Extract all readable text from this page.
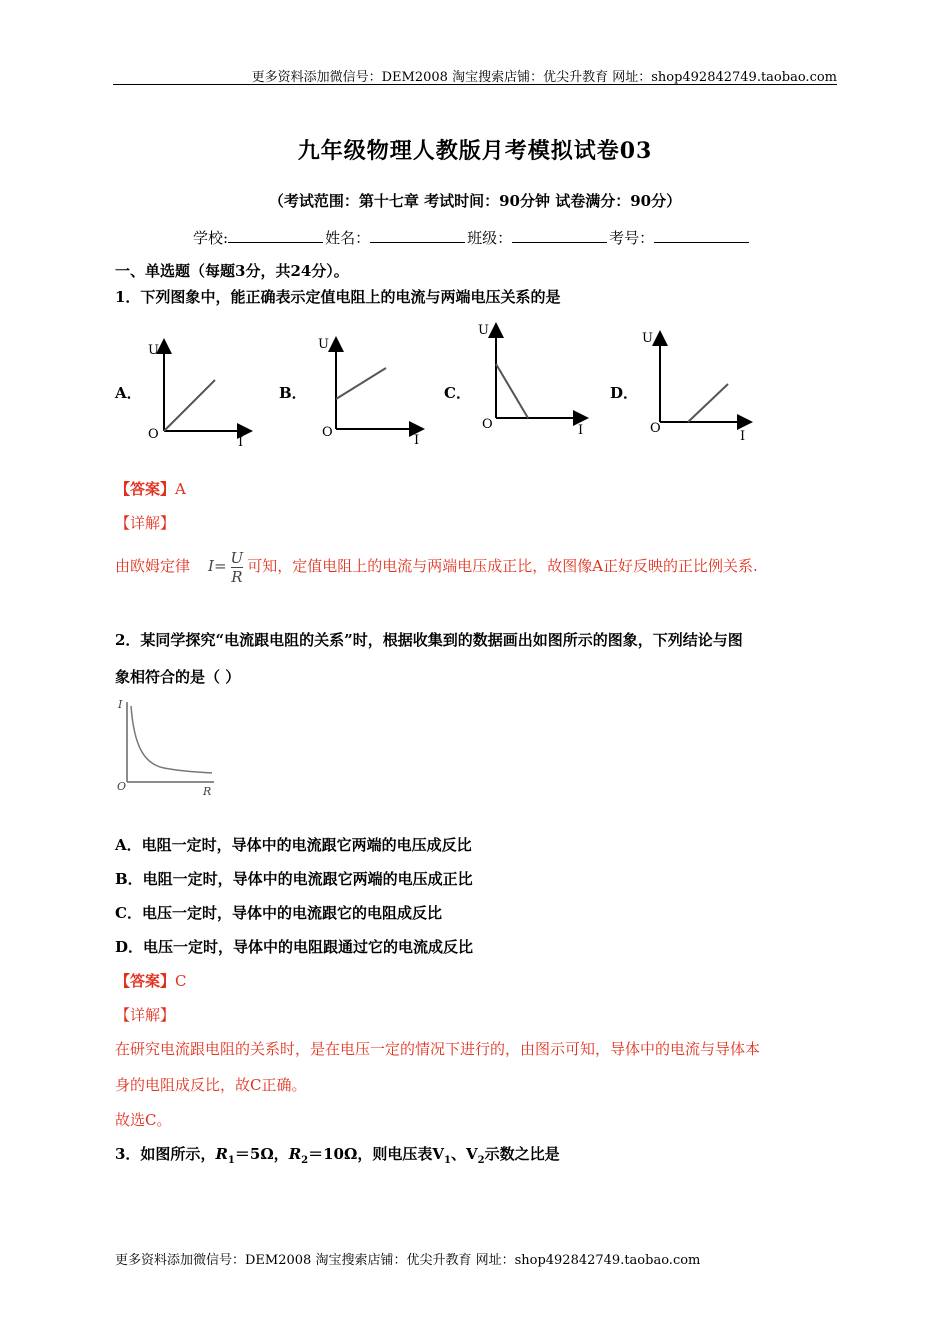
更多资料添加微信号：DEM2008 淘宝搜索店铺：优尖升教育 网址：shop492842749.taobao.com
九年级物理人教版月考模拟试卷03
（考试范围：第十七章 考试时间：90分钟 试卷满分：90分）
学校:	姓名：	班级：	考号：
一、单选题（每题3分，共24分）。
1．下列图象中，能正确表示定值电阻上的电流与两端电压关系的是
A．	B．	C．	D．
U
O
I
U
O
I
U
O	I
U
O
I
【答案】A
【详解】
由欧姆定律 $I= \frac{U}{R}$ 可知，定值电阻上的电流与两端电压成正比，故图像A正好反映的正比例关系.
2．某同学探究“电流跟电阻的关系”时，根据收集到的数据画出如图所示的图象，下列结论与图
象相符合的是（ ）
I
O	R
A．电阻一定时，导体中的电流跟它两端的电压成反比
B．电阻一定时，导体中的电流跟它两端的电压成正比
C．电压一定时，导体中的电流跟它的电阻成反比
D．电压一定时，导体中的电阻跟通过它的电流成反比
【答案】C
【详解】
在研究电流跟电阻的关系时，是在电压一定的情况下进行的，由图示可知，导体中的电流与导体本
身的电阻成反比，故C正确。
故选C。
3．如图所示，$R_1=5\Omega$，$R_2=10\Omega$，则电压表$V_1$、$V_2$示数之比是
更多资料添加微信号：DEM2008 淘宝搜索店铺：优尖升教育 网址：shop492842749.taobao.com
